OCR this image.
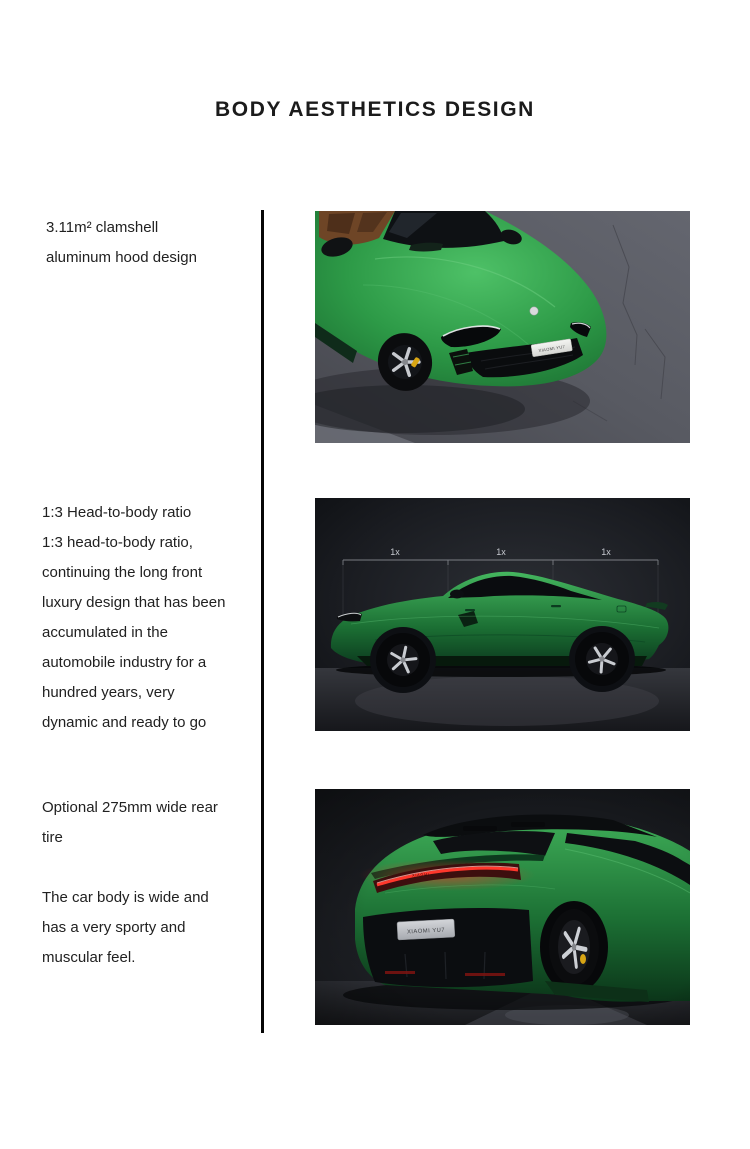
BODY AESTHETICS DESIGN
3.11m² clamshell
aluminum hood design
1:3 Head-to-body ratio
1:3 head-to-body ratio,
continuing the long front
luxury design that has been
accumulated in the
automobile industry for a
hundred years, very
dynamic and ready to go
Optional 275mm wide rear
tire
The car body is wide and
has a very sporty and
muscular feel.
XIAOMI YU7
1x	1x	1x
